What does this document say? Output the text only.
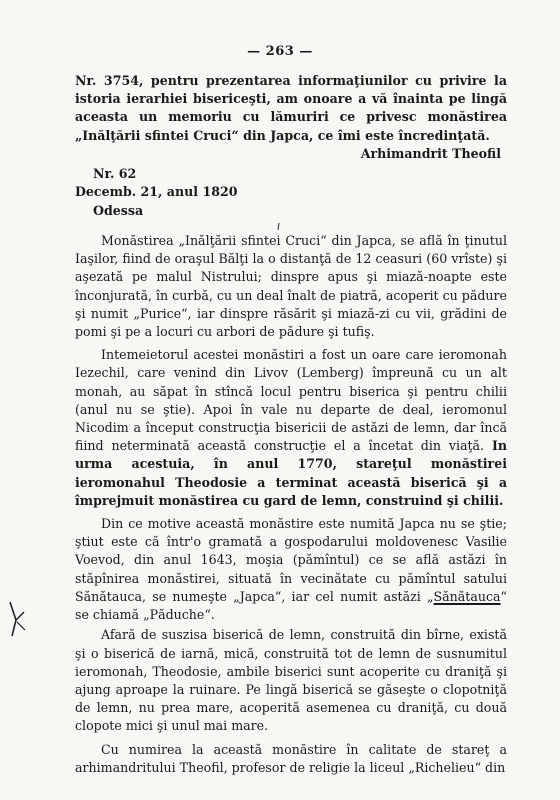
— 263 —

Nr. 3754, pentru prezentarea informaţiunilor cu privire la istoria ierarhiei bisericeşti, am onoare a vă înainta pe lingă aceasta un memoriu cu lămuriri ce privesc monăstirea „Inălţării sfintei Cruci“ din Japca, ce îmi este încredinţată.

Arhimandrit Theofil

Nr. 62
Decemb. 21, anul 1820
Odessa

Monăstirea „Inălţării sfintei Cruci“ din Japca, se află în ţinutul Iaşilor, fiind de oraşul Bălţi la o distanţă de 12 ceasuri (60 vrîste) şi aşezată pe malul Nistrului; dinspre apus şi miază-noapte este înconjurată, în curbă, cu un deal înalt de piatră, acoperit cu pădure şi numit „Purice“, iar dinspre răsărit şi miază-zi cu vii, grădini de pomi şi pe a locuri cu arbori de pădure şi tufiş.

Intemeietorul acestei monăstiri a fost un oare care ieromonah Iezechil, care venind din Livov (Lemberg) împreună cu un alt monah, au săpat în stîncă locul pentru biserica şi pentru chilii (anul nu se ştie). Apoi în vale nu departe de deal, ieromonul Nicodim a început construcţia bisericii de astăzi de lemn, dar încă fiind neterminată această construcţie el a încetat din viaţă. In urma acestuia, în anul 1770, stareţul monăstirei ieromonahul Theodosie a terminat această biserică şi a împrejmuit monăstirea cu gard de lemn, construind şi chilii.

Din ce motive această monăstire este numită Japca nu se ştie; ştiut este că într'o gramată a gospodarului moldovenesc Vasilie Voevod, din anul 1643, moşia (pămîntul) ce se află astăzi în stăpînirea monăstirei, situată în vecinătate cu pămîntul satului Sănătauca, se numeşte „Japca“, iar cel numit astăzi „Sănătauca“ se chiamă „Păduche“.

Afară de suszisa biserică de lemn, construită din bîrne, există şi o biserică de iarnă, mică, construită tot de lemn de susnumitul ieromonah, Theodosie, ambile biserici sunt acoperite cu draniţă şi ajung aproape la ruinare. Pe lingă biserică se găseşte o clopotniţă de lemn, nu prea mare, acoperită asemenea cu draniţă, cu două clopote mici şi unul mai mare.

Cu numirea la această monăstire în calitate de stareţ a arhimandritului Theofil, profesor de religie la liceul „Richelieu“ din
